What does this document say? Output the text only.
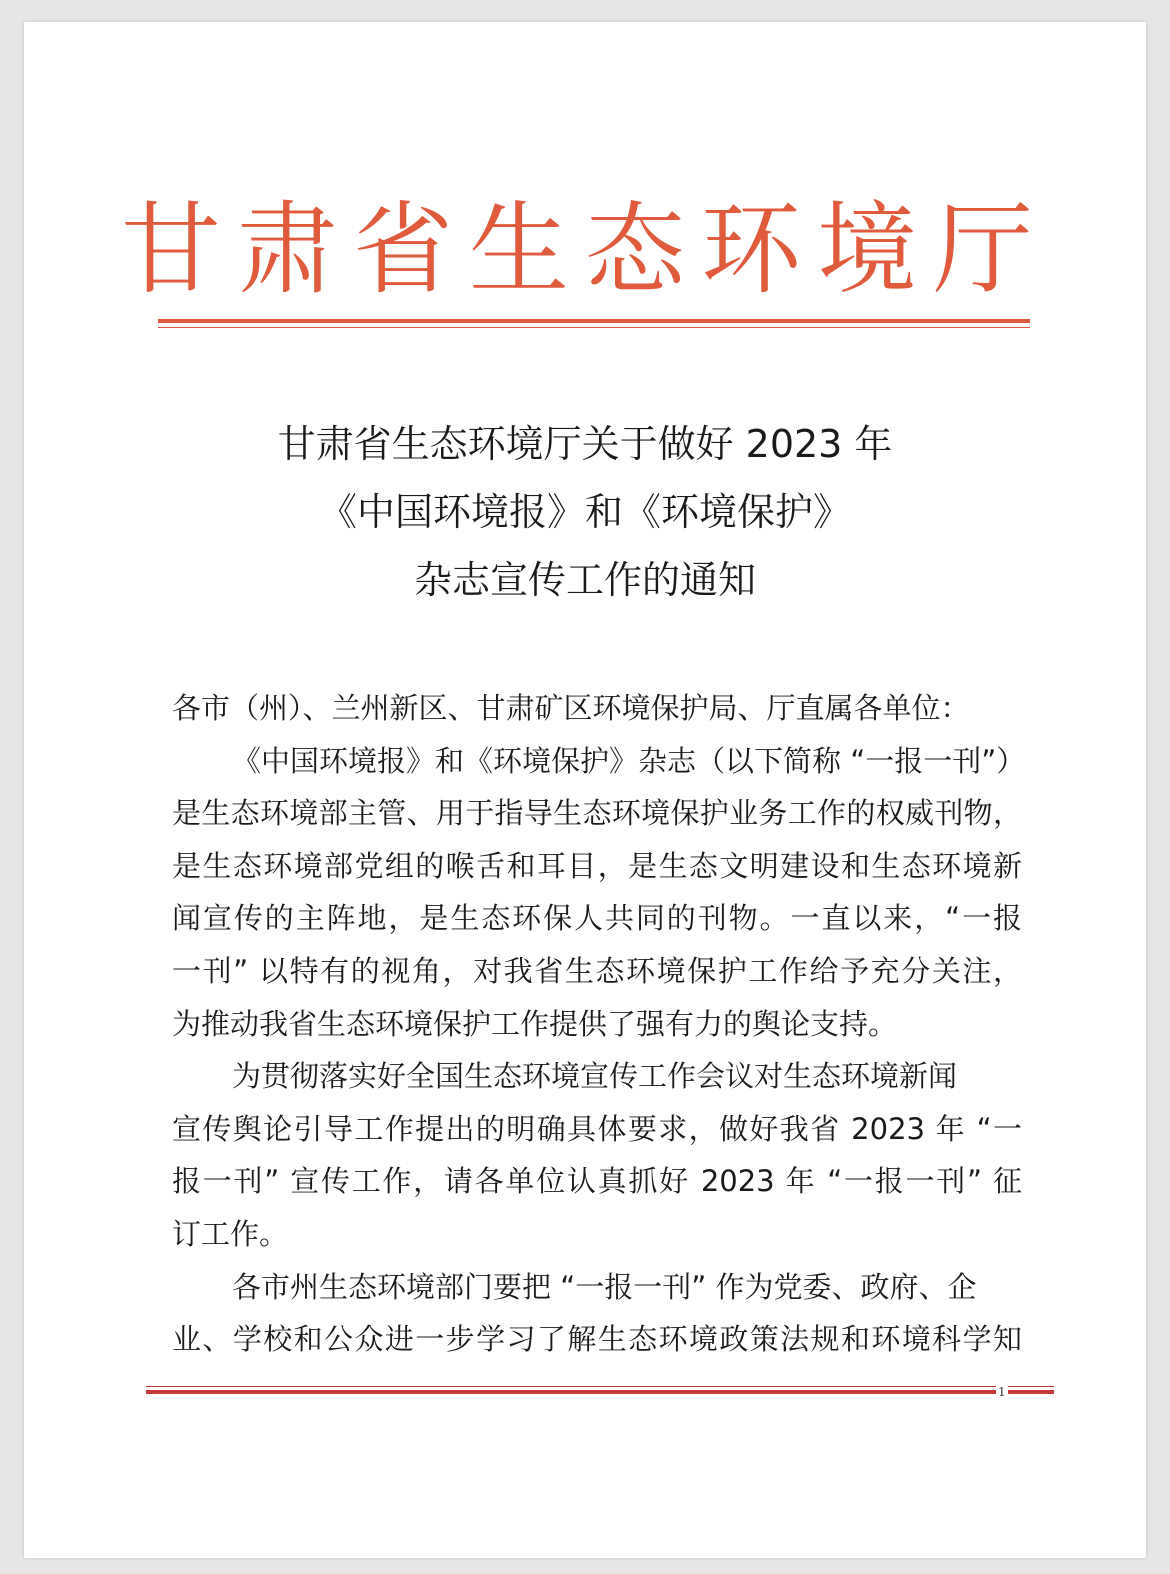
甘肃省生态环境厅
甘肃省生态环境厅关于做好 2023 年
《中国环境报》和《环境保护》
杂志宣传工作的通知
各市（州）、兰州新区、甘肃矿区环境保护局、厅直属各单位：
《中国环境报》和《环境保护》杂志（以下简称 “一报一刊”）
是生态环境部主管、用于指导生态环境保护业务工作的权威刊物，
是生态环境部党组的喉舌和耳目，是生态文明建设和生态环境新
闻宣传的主阵地，是生态环保人共同的刊物。一直以来，“一报
一刊” 以特有的视角，对我省生态环境保护工作给予充分关注，
为推动我省生态环境保护工作提供了强有力的舆论支持。
为贯彻落实好全国生态环境宣传工作会议对生态环境新闻
宣传舆论引导工作提出的明确具体要求，做好我省 2023 年 “一
报一刊” 宣传工作，请各单位认真抓好 2023 年 “一报一刊” 征
订工作。
各市州生态环境部门要把 “一报一刊” 作为党委、政府、企
业、学校和公众进一步学习了解生态环境政策法规和环境科学知
1
